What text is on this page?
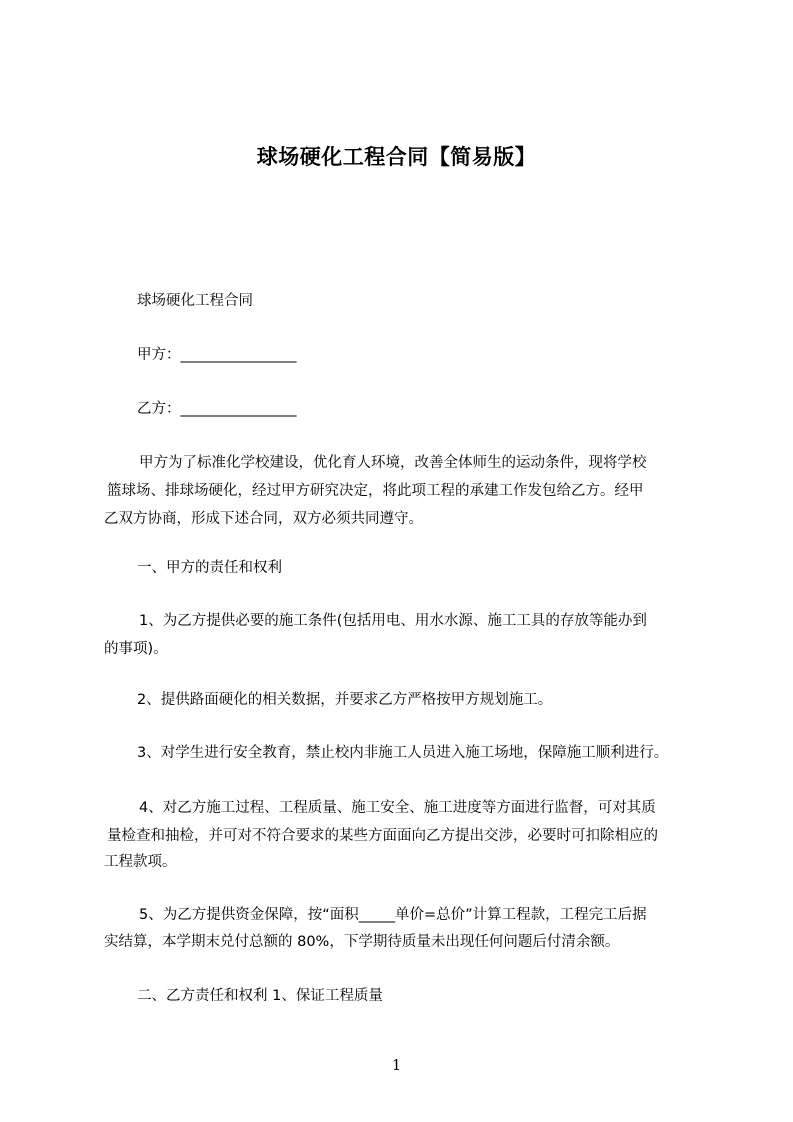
球场硬化工程合同【简易版】
球场硬化工程合同
甲方：________________
乙方：________________
甲方为了标准化学校建设，优化育人环境，改善全体师生的运动条件，现将学校
篮球场、排球场硬化，经过甲方研究决定，将此项工程的承建工作发包给乙方。经甲
乙双方协商，形成下述合同，双方必须共同遵守。
一、甲方的责任和权利
1、为乙方提供必要的施工条件(包括用电、用水水源、施工工具的存放等能办到
的事项)。
2、提供路面硬化的相关数据，并要求乙方严格按甲方规划施工。
3、对学生进行安全教育，禁止校内非施工人员进入施工场地，保障施工顺利进行。
4、对乙方施工过程、工程质量、施工安全、施工进度等方面进行监督，可对其质
量检查和抽检，并可对不符合要求的某些方面面向乙方提出交涉，必要时可扣除相应的
工程款项。
5、为乙方提供资金保障，按“面积_____单价=总价”计算工程款，工程完工后据
实结算，本学期末兑付总额的 80%，下学期待质量未出现任何问题后付清余额。
二、乙方责任和权利 1、保证工程质量
1
